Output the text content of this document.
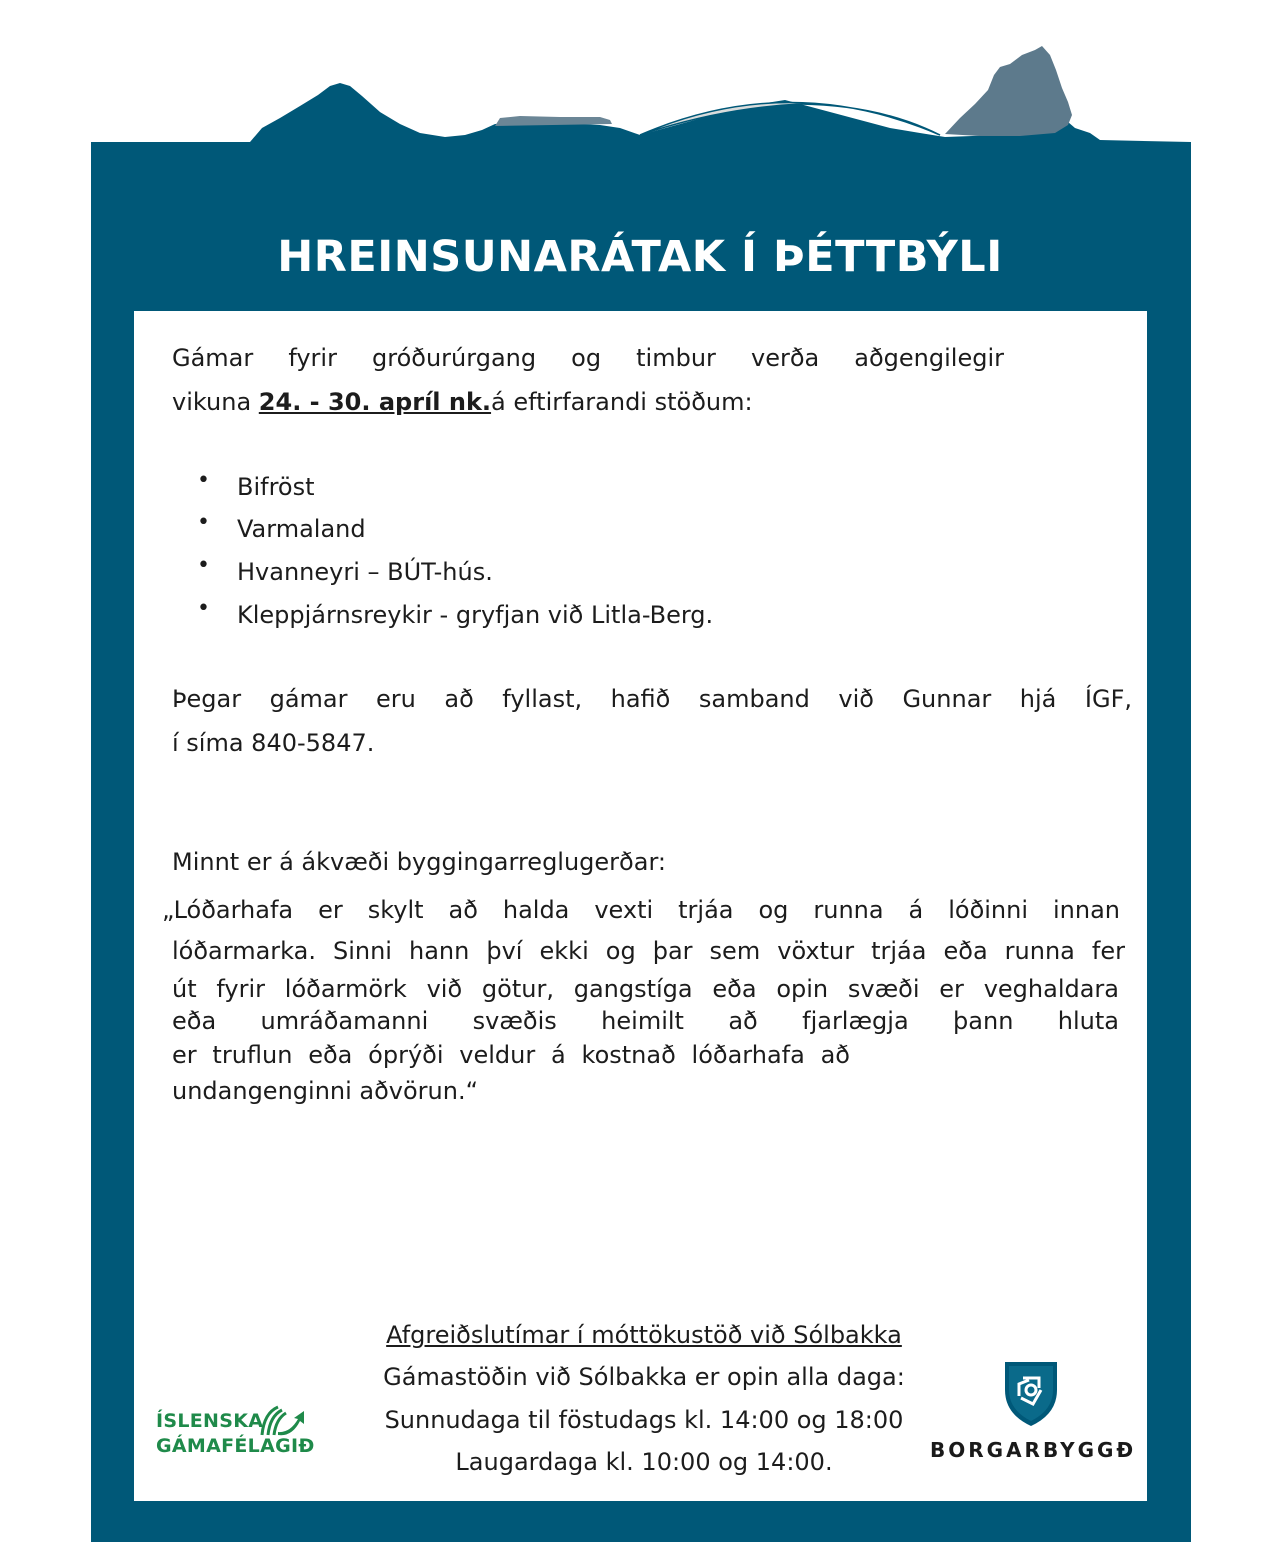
HREINSUNARÁTAK Í ÞÉTTBÝLI

Gámar fyrir gróðurúrgang og timbur verða aðgengilegir

vikuna 24. - 30. apríl nk.á eftirfarandi stöðum:

• Bifröst
• Varmaland
• Hvanneyri – BÚT-hús.
• Kleppjárnsreykir - gryfjan við Litla-Berg.

Þegar gámar eru að fyllast, hafið samband við Gunnar hjá ÍGF,

í síma 840-5847.

Minnt er á ákvæði byggingarreglugerðar:

„Lóðarhafa er skylt að halda vexti trjáa og runna á lóðinni innan

lóðarmarka. Sinni hann því ekki og þar sem vöxtur trjáa eða runna fer

út fyrir lóðarmörk við götur, gangstíga eða opin svæði er veghaldara

eða umráðamanni svæðis heimilt að fjarlægja þann hluta

er truflun eða óprýði veldur á kostnað lóðarhafa að

undangenginni aðvörun.“

Afgreiðslutímar í móttökustöð við Sólbakka

Gámastöðin við Sólbakka er opin alla daga:

Sunnudaga til föstudags kl. 14:00 og 18:00

Laugardaga kl. 10:00 og 14:00.

ÍSLENSKA
GÁMAFÉLAGIÐ	BORGARBYGGÐ
